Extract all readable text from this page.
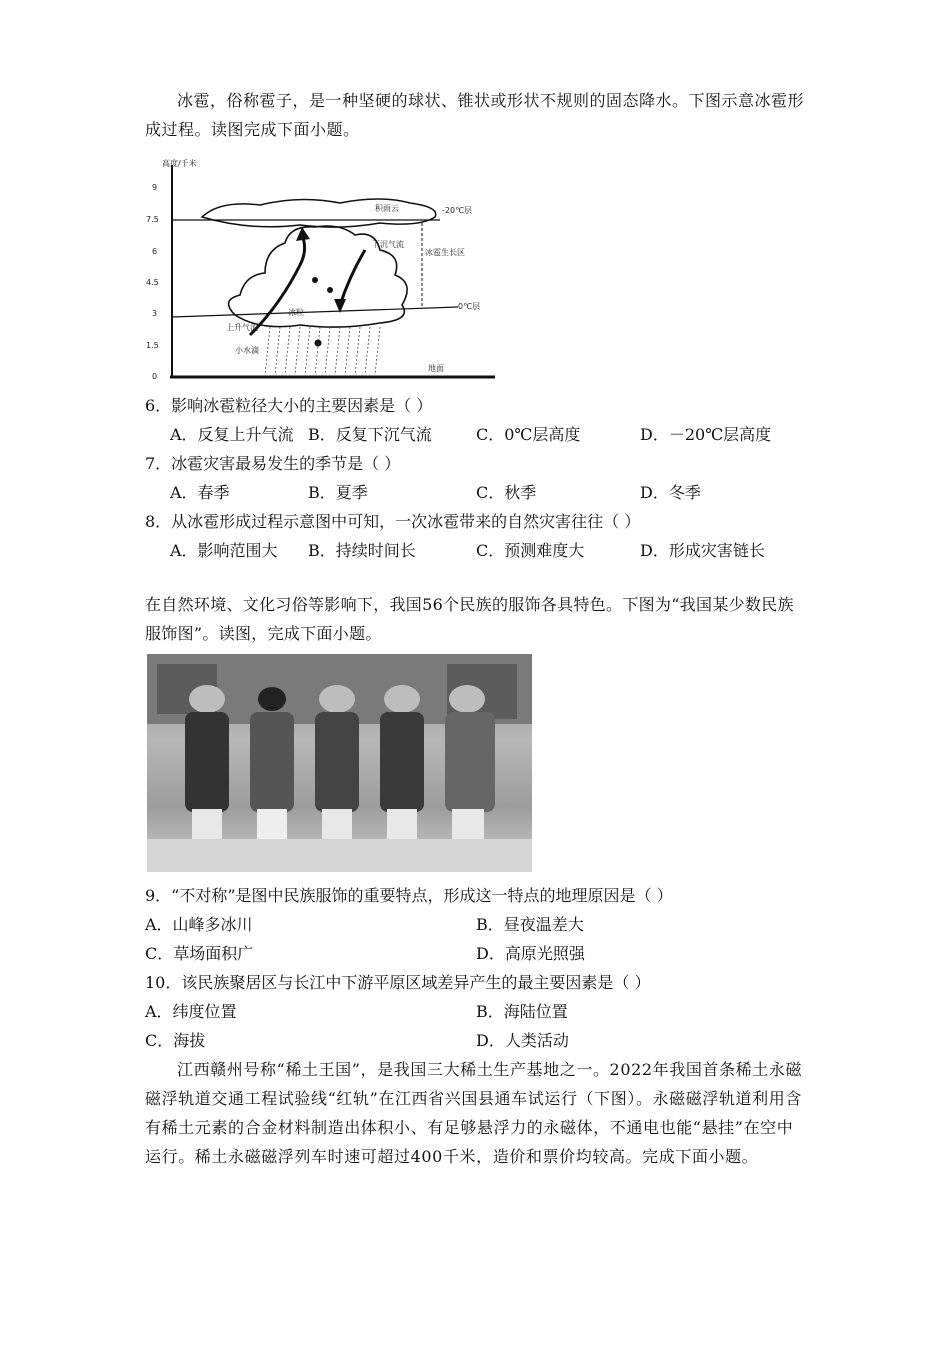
冰雹，俗称雹子，是一种坚硬的球状、锥状或形状不规则的固态降水。下图示意冰雹形成过程。读图完成下面小题。
高度/千米
9
7.5
6
4.5
3
1.5
0
地面
-20℃层
0℃层
积雨云
上升气流
下沉气流
冰雹生长区
冰粒
小水滴
6．影响冰雹粒径大小的主要因素是（ ）
A．反复上升气流 B．反复下沉气流	C．0℃层高度	D．－20℃层高度
7．冰雹灾害最易发生的季节是（ ）
A．春季	B．夏季	C．秋季	D．冬季
8．从冰雹形成过程示意图中可知，一次冰雹带来的自然灾害往往（ ）
A．影响范围大 B．持续时间长	C．预测难度大	D．形成灾害链长
在自然环境、文化习俗等影响下，我国56个民族的服饰各具特色。下图为“我国某少数民族服饰图”。读图，完成下面小题。
9．“不对称”是图中民族服饰的重要特点，形成这一特点的地理原因是（ ）
A．山峰多冰川	B．昼夜温差大
C．草场面积广	D．高原光照强
10．该民族聚居区与长江中下游平原区域差异产生的最主要因素是（ ）
A．纬度位置	B．海陆位置
C．海拔	D．人类活动
江西赣州号称“稀土王国”，是我国三大稀土生产基地之一。2022年我国首条稀土永磁磁浮轨道交通工程试验线“红轨”在江西省兴国县通车试运行（下图）。永磁磁浮轨道利用含有稀土元素的合金材料制造出体积小、有足够悬浮力的永磁体，不通电也能“悬挂”在空中运行。稀土永磁磁浮列车时速可超过400千米，造价和票价均较高。完成下面小题。
